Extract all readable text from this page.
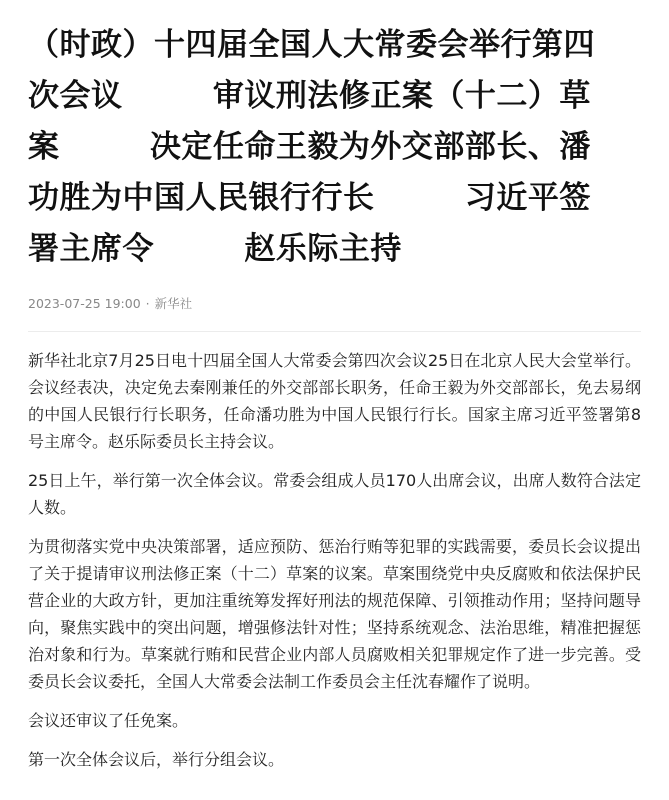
（时政）十四届全国人大常委会举行第四
次会议        审议刑法修正案（十二）草
案        决定任命王毅为外交部部长、潘
功胜为中国人民银行行长        习近平签
署主席令        赵乐际主持
2023-07-25 19:00 · 新华社

新华社北京7月25日电十四届全国人大常委会第四次会议25日在北京人民大会堂举行。会议经表决，决定免去秦刚兼任的外交部部长职务，任命王毅为外交部部长，免去易纲的中国人民银行行长职务，任命潘功胜为中国人民银行行长。国家主席习近平签署第8号主席令。赵乐际委员长主持会议。

25日上午，举行第一次全体会议。常委会组成人员170人出席会议，出席人数符合法定人数。

为贯彻落实党中央决策部署，适应预防、惩治行贿等犯罪的实践需要，委员长会议提出了关于提请审议刑法修正案（十二）草案的议案。草案围绕党中央反腐败和依法保护民营企业的大政方针，更加注重统筹发挥好刑法的规范保障、引领推动作用；坚持问题导向，聚焦实践中的突出问题，增强修法针对性；坚持系统观念、法治思维，精准把握惩治对象和行为。草案就行贿和民营企业内部人员腐败相关犯罪规定作了进一步完善。受委员长会议委托，全国人大常委会法制工作委员会主任沈春耀作了说明。

会议还审议了任免案。

第一次全体会议后，举行分组会议。
